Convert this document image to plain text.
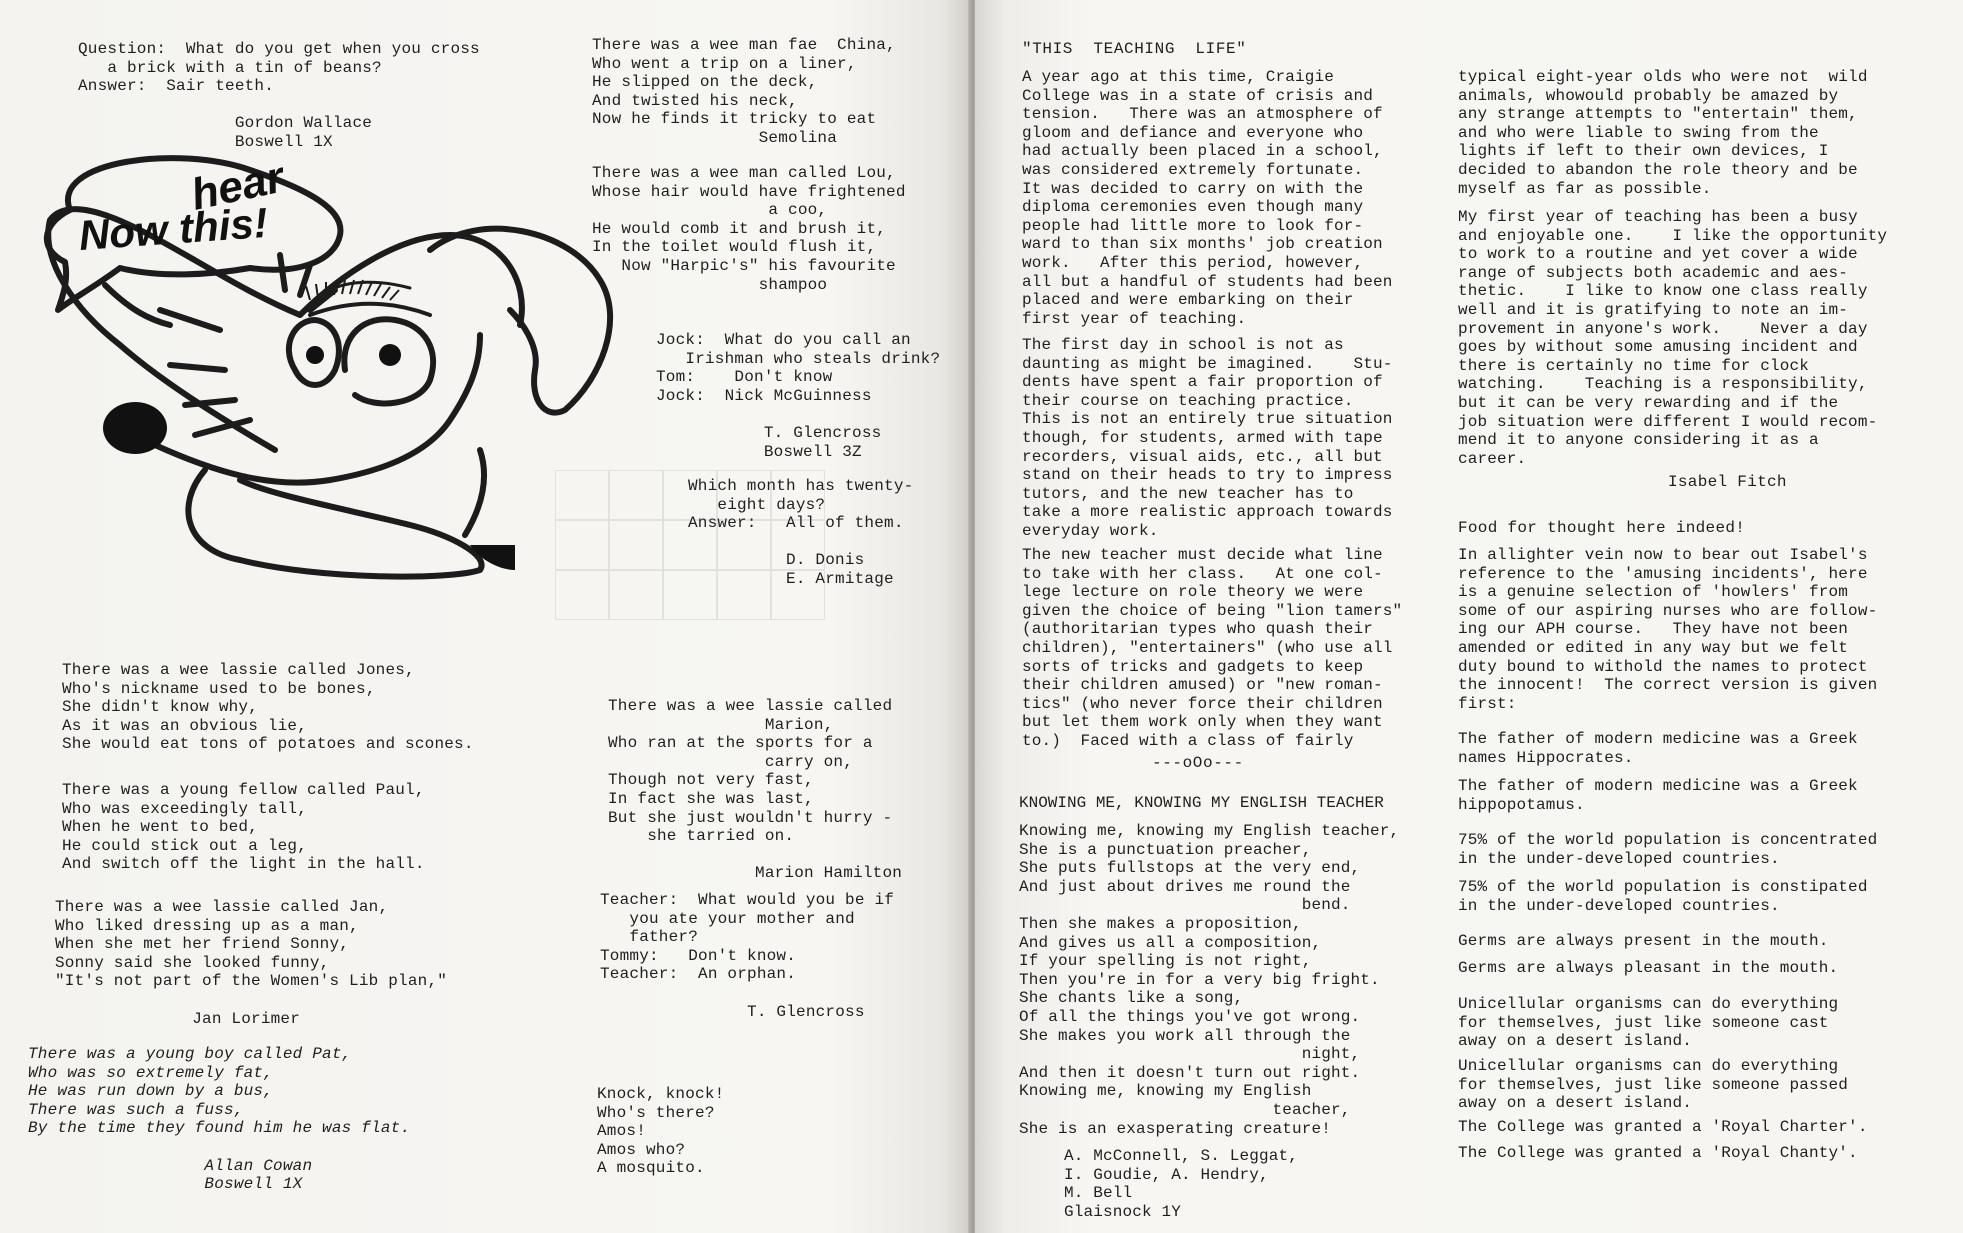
Question:  What do you get when you cross
a brick with a tin of beans?
Answer:  Sair teeth.

Gordon Wallace
Boswell 1X
hear
Now this!
There was a wee man fae  China,
Who went a trip on a liner,
He slipped on the deck,
And twisted his neck,
Now he finds it tricky to eat
Semolina
There was a wee man called Lou,
Whose hair would have frightened
a coo,
He would comb it and brush it,
In the toilet would flush it,
Now "Harpic's" his favourite
shampoo
Jock:  What do you call an
Irishman who steals drink?
Tom:    Don't know
Jock:  Nick McGuinness

T. Glencross
Boswell 3Z
Which month has twenty-
eight days?
Answer:   All of them.

D. Donis
E. Armitage
There was a wee lassie called Jones,
Who's nickname used to be bones,
She didn't know why,
As it was an obvious lie,
She would eat tons of potatoes and scones.
There was a young fellow called Paul,
Who was exceedingly tall,
When he went to bed,
He could stick out a leg,
And switch off the light in the hall.
There was a wee lassie called Jan,
Who liked dressing up as a man,
When she met her friend Sonny,
Sonny said she looked funny,
"It's not part of the Women's Lib plan,"

Jan Lorimer
There was a young boy called Pat,
Who was so extremely fat,
He was run down by a bus,
There was such a fuss,
By the time they found him he was flat.

Allan Cowan
Boswell 1X
There was a wee lassie called
Marion,
Who ran at the sports for a
carry on,
Though not very fast,
In fact she was last,
But she just wouldn't hurry -
she tarried on.

Marion Hamilton
Teacher:  What would you be if
you ate your mother and
father?
Tommy:   Don't know.
Teacher:  An orphan.

T. Glencross
Knock, knock!
Who's there?
Amos!
Amos who?
A mosquito.
"THIS  TEACHING  LIFE"
A year ago at this time, Craigie
College was in a state of crisis and
tension.   There was an atmosphere of
gloom and defiance and everyone who
had actually been placed in a school,
was considered extremely fortunate.
It was decided to carry on with the
diploma ceremonies even though many
people had little more to look for-
ward to than six months' job creation
work.   After this period, however,
all but a handful of students had been
placed and were embarking on their
first year of teaching.
The first day in school is not as
daunting as might be imagined.    Stu-
dents have spent a fair proportion of
their course on teaching practice.
This is not an entirely true situation
though, for students, armed with tape
recorders, visual aids, etc., all but
stand on their heads to try to impress
tutors, and the new teacher has to
take a more realistic approach towards
everyday work.
The new teacher must decide what line
to take with her class.   At one col-
lege lecture on role theory we were
given the choice of being "lion tamers"
(authoritarian types who quash their
children), "entertainers" (who use all
sorts of tricks and gadgets to keep
their children amused) or "new roman-
tics" (who never force their children
but let them work only when they want
to.)  Faced with a class of fairly
---oOo---
KNOWING ME, KNOWING MY ENGLISH TEACHER
Knowing me, knowing my English teacher,
She is a punctuation preacher,
She puts fullstops at the very end,
And just about drives me round the
bend.
Then she makes a proposition,
And gives us all a composition,
If your spelling is not right,
Then you're in for a very big fright.
She chants like a song,
Of all the things you've got wrong.
She makes you work all through the
night,
And then it doesn't turn out right.
Knowing me, knowing my English
teacher,
She is an exasperating creature!
A. McConnell, S. Leggat,
I. Goudie, A. Hendry,
M. Bell
Glaisnock 1Y
typical eight-year olds who were not  wild
animals, whowould probably be amazed by
any strange attempts to "entertain" them,
and who were liable to swing from the
lights if left to their own devices, I
decided to abandon the role theory and be
myself as far as possible.
My first year of teaching has been a busy
and enjoyable one.    I like the opportunity
to work to a routine and yet cover a wide
range of subjects both academic and aes-
thetic.    I like to know one class really
well and it is gratifying to note an im-
provement in anyone's work.    Never a day
goes by without some amusing incident and
there is certainly no time for clock
watching.    Teaching is a responsibility,
but it can be very rewarding and if the
job situation were different I would recom-
mend it to anyone considering it as a
career.
Isabel Fitch
Food for thought here indeed!
In allighter vein now to bear out Isabel's
reference to the 'amusing incidents', here
is a genuine selection of 'howlers' from
some of our aspiring nurses who are follow-
ing our APH course.   They have not been
amended or edited in any way but we felt
duty bound to withold the names to protect
the innocent!  The correct version is given
first:
The father of modern medicine was a Greek
names Hippocrates.
The father of modern medicine was a Greek
hippopotamus.
75% of the world population is concentrated
in the under-developed countries.
75% of the world population is constipated
in the under-developed countries.
Germs are always present in the mouth.
Germs are always pleasant in the mouth.
Unicellular organisms can do everything
for themselves, just like someone cast
away on a desert island.
Unicellular organisms can do everything
for themselves, just like someone passed
away on a desert island.
The College was granted a 'Royal Charter'.
The College was granted a 'Royal Chanty'.
